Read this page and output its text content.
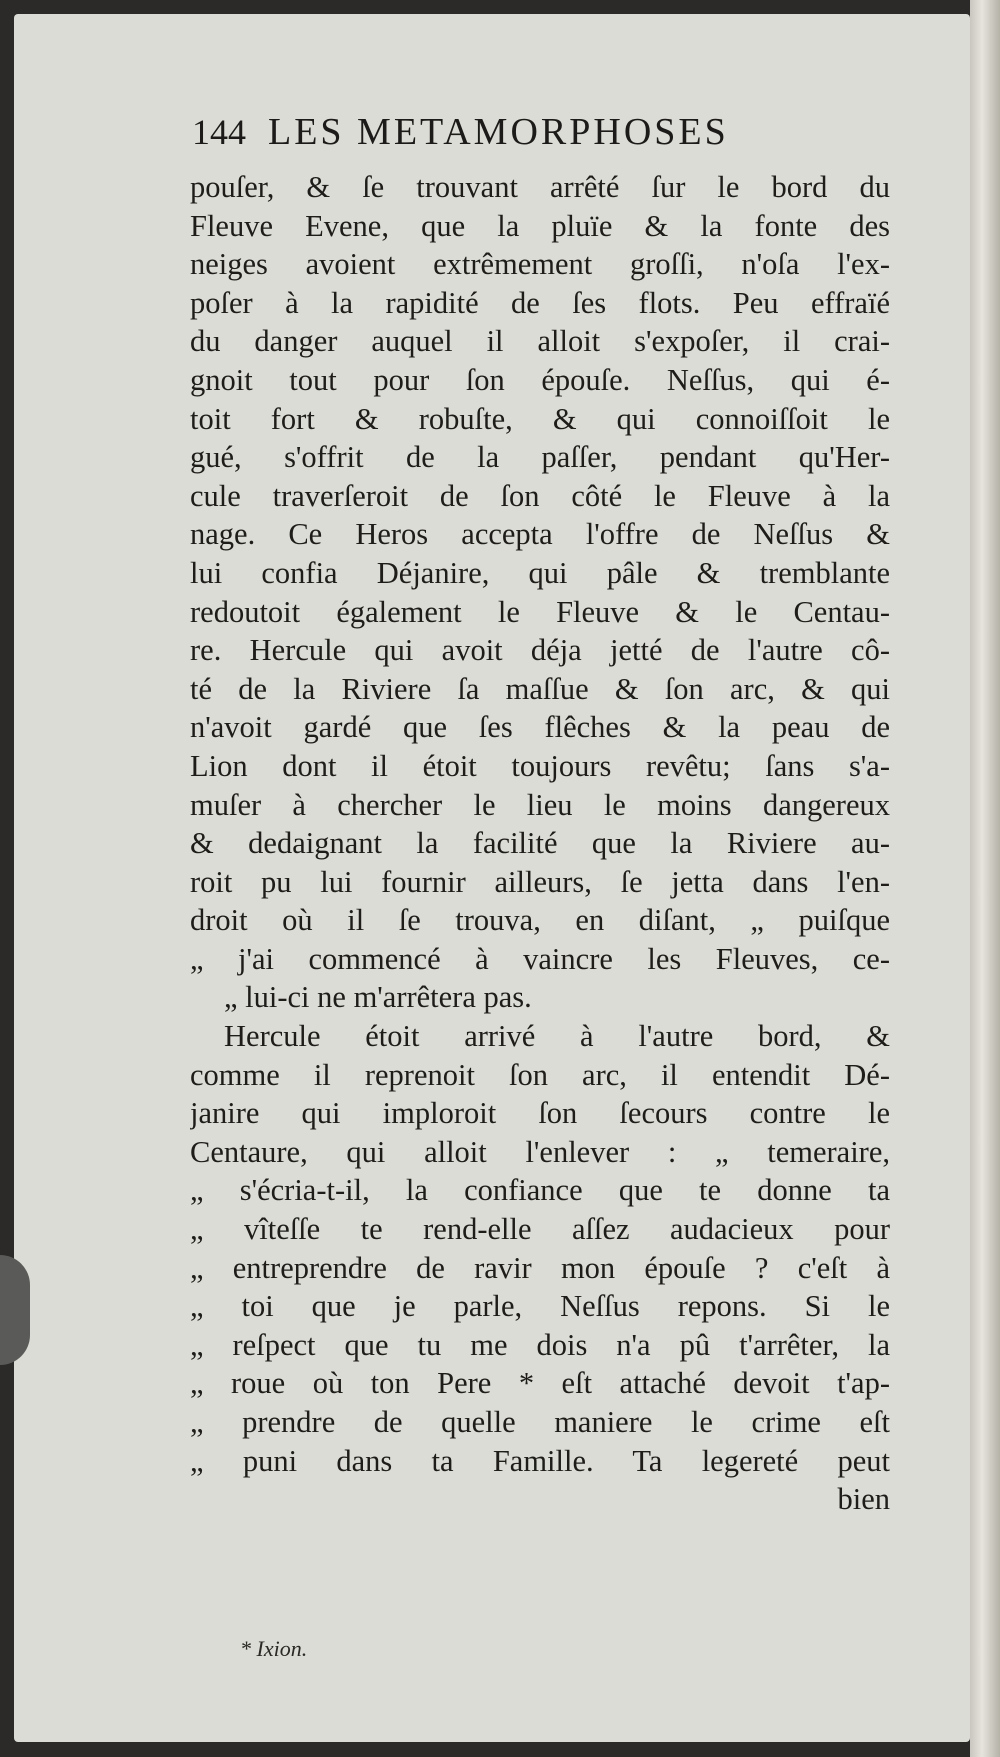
144 LES METAMORPHOSES
pouſer, & ſe trouvant arrêté ſur le bord du
Fleuve Evene, que la pluïe & la fonte des
neiges avoient extrêmement groſſi, n'oſa l'ex-
poſer à la rapidité de ſes flots. Peu effraïé
du danger auquel il alloit s'expoſer, il crai-
gnoit tout pour ſon épouſe. Neſſus, qui é-
toit fort & robuſte, & qui connoiſſoit le
gué, s'offrit de la paſſer, pendant qu'Her-
cule traverſeroit de ſon côté le Fleuve à la
nage. Ce Heros accepta l'offre de Neſſus &
lui confia Déjanire, qui pâle & tremblante
redoutoit également le Fleuve & le Centau-
re. Hercule qui avoit déja jetté de l'autre cô-
té de la Riviere ſa maſſue & ſon arc, & qui
n'avoit gardé que ſes flêches & la peau de
Lion dont il étoit toujours revêtu; ſans s'a-
muſer à chercher le lieu le moins dangereux
& dedaignant la facilité que la Riviere au-
roit pu lui fournir ailleurs, ſe jetta dans l'en-
droit où il ſe trouva, en diſant, „ puiſque
„ j'ai commencé à vaincre les Fleuves, ce-
„ lui-ci ne m'arrêtera pas.
Hercule étoit arrivé à l'autre bord, &
comme il reprenoit ſon arc, il entendit Dé-
janire qui imploroit ſon ſecours contre le
Centaure, qui alloit l'enlever : „ temeraire,
„ s'écria-t-il, la confiance que te donne ta
„ vîteſſe te rend-elle aſſez audacieux pour
„ entreprendre de ravir mon épouſe ? c'eſt à
„ toi que je parle, Neſſus repons. Si le
„ reſpect que tu me dois n'a pû t'arrêter, la
„ roue où ton Pere * eſt attaché devoit t'ap-
„ prendre de quelle maniere le crime eſt
„ puni dans ta Famille. Ta legereté peut
bien
* Ixion.
